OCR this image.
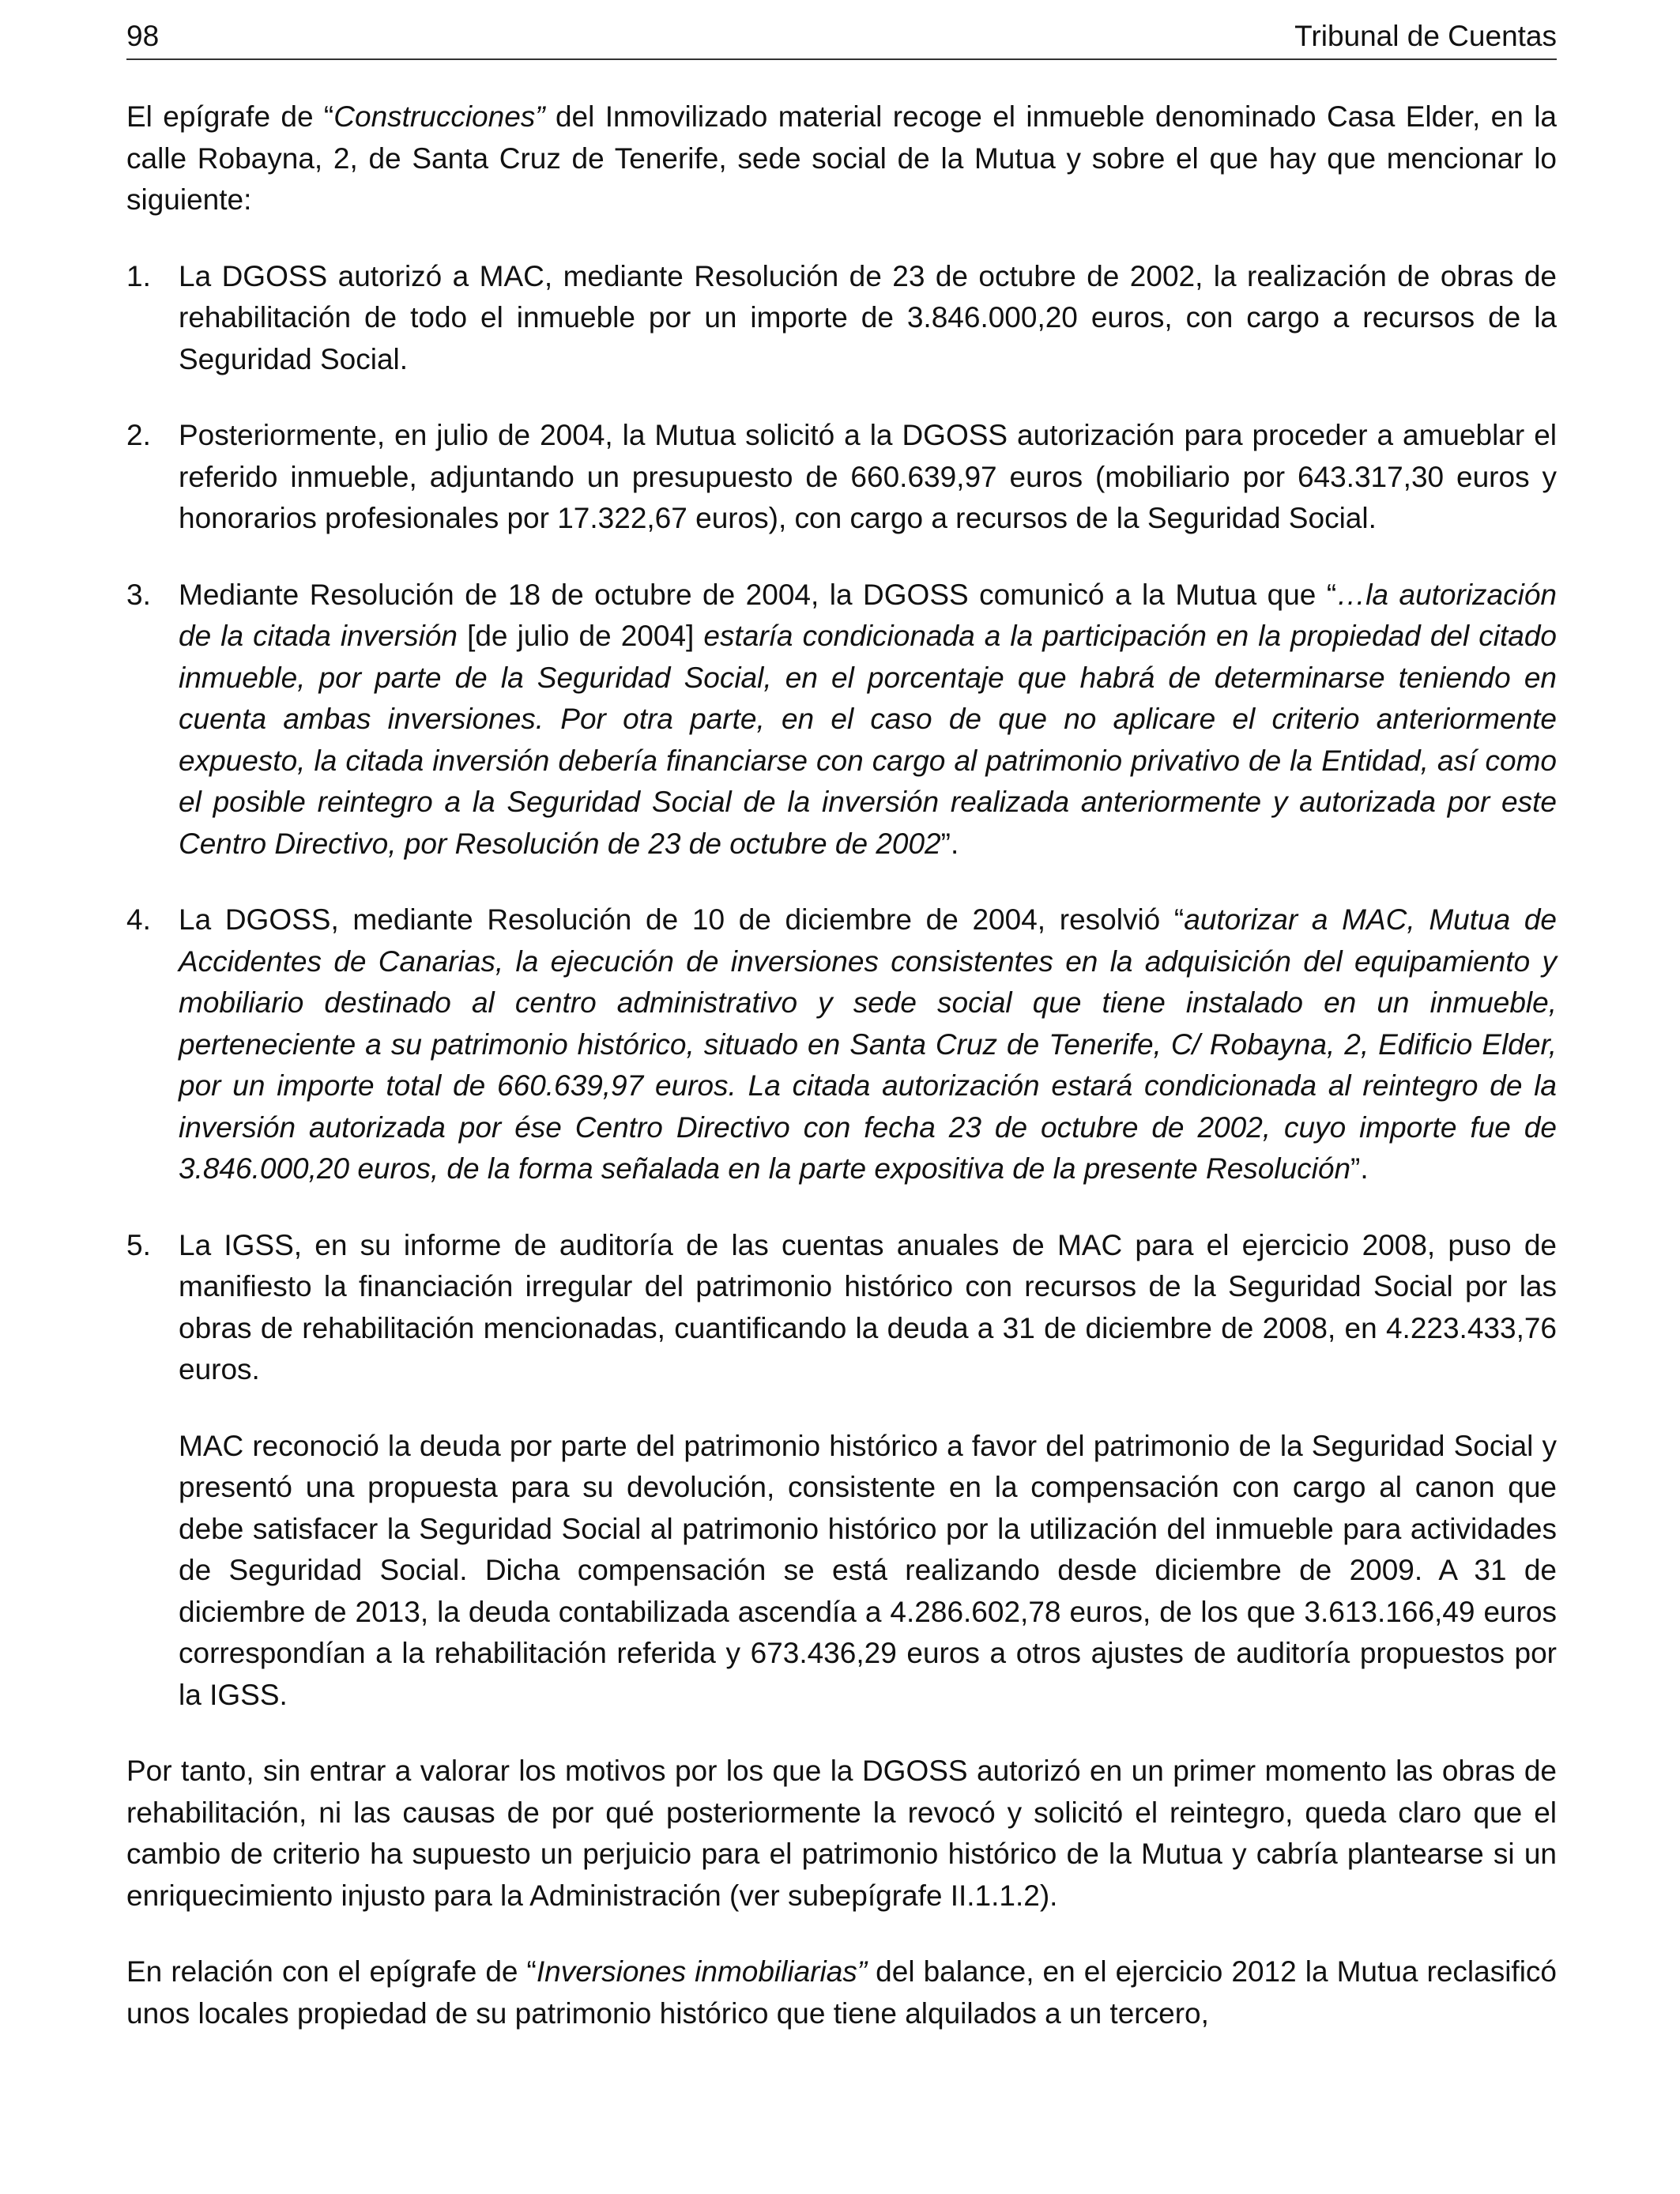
98	Tribunal de Cuentas

El epígrafe de “Construcciones” del Inmovilizado material recoge el inmueble denominado Casa Elder, en la calle Robayna, 2, de Santa Cruz de Tenerife, sede social de la Mutua y sobre el que hay que mencionar lo siguiente:

1. La DGOSS autorizó a MAC, mediante Resolución de 23 de octubre de 2002, la realización de obras de rehabilitación de todo el inmueble por un importe de 3.846.000,20 euros, con cargo a recursos de la Seguridad Social.
2. Posteriormente, en julio de 2004, la Mutua solicitó a la DGOSS autorización para proceder a amueblar el referido inmueble, adjuntando un presupuesto de 660.639,97 euros (mobiliario por 643.317,30 euros y honorarios profesionales por 17.322,67 euros), con cargo a recursos de la Seguridad Social.
3. Mediante Resolución de 18 de octubre de 2004, la DGOSS comunicó a la Mutua que “…la autorización de la citada inversión [de julio de 2004] estaría condicionada a la participación en la propiedad del citado inmueble, por parte de la Seguridad Social, en el porcentaje que habrá de determinarse teniendo en cuenta ambas inversiones. Por otra parte, en el caso de que no aplicare el criterio anteriormente expuesto, la citada inversión debería financiarse con cargo al patrimonio privativo de la Entidad, así como el posible reintegro a la Seguridad Social de la inversión realizada anteriormente y autorizada por este Centro Directivo, por Resolución de 23 de octubre de 2002”.
4. La DGOSS, mediante Resolución de 10 de diciembre de 2004, resolvió “autorizar a MAC, Mutua de Accidentes de Canarias, la ejecución de inversiones consistentes en la adquisición del equipamiento y mobiliario destinado al centro administrativo y sede social que tiene instalado en un inmueble, perteneciente a su patrimonio histórico, situado en Santa Cruz de Tenerife, C/ Robayna, 2, Edificio Elder, por un importe total de 660.639,97 euros. La citada autorización estará condicionada al reintegro de la inversión autorizada por ése Centro Directivo con fecha 23 de octubre de 2002, cuyo importe fue de 3.846.000,20 euros, de la forma señalada en la parte expositiva de la presente Resolución”.
5. La IGSS, en su informe de auditoría de las cuentas anuales de MAC para el ejercicio 2008, puso de manifiesto la financiación irregular del patrimonio histórico con recursos de la Seguridad Social por las obras de rehabilitación mencionadas, cuantificando la deuda a 31 de diciembre de 2008, en 4.223.433,76 euros.
MAC reconoció la deuda por parte del patrimonio histórico a favor del patrimonio de la Seguridad Social y presentó una propuesta para su devolución, consistente en la compensación con cargo al canon que debe satisfacer la Seguridad Social al patrimonio histórico por la utilización del inmueble para actividades de Seguridad Social. Dicha compensación se está realizando desde diciembre de 2009. A 31 de diciembre de 2013, la deuda contabilizada ascendía a 4.286.602,78 euros, de los que 3.613.166,49 euros correspondían a la rehabilitación referida y 673.436,29 euros a otros ajustes de auditoría propuestos por la IGSS.

Por tanto, sin entrar a valorar los motivos por los que la DGOSS autorizó en un primer momento las obras de rehabilitación, ni las causas de por qué posteriormente la revocó y solicitó el reintegro, queda claro que el cambio de criterio ha supuesto un perjuicio para el patrimonio histórico de la Mutua y cabría plantearse si un enriquecimiento injusto para la Administración (ver subepígrafe II.1.1.2).

En relación con el epígrafe de “Inversiones inmobiliarias” del balance, en el ejercicio 2012 la Mutua reclasificó unos locales propiedad de su patrimonio histórico que tiene alquilados a un tercero,
